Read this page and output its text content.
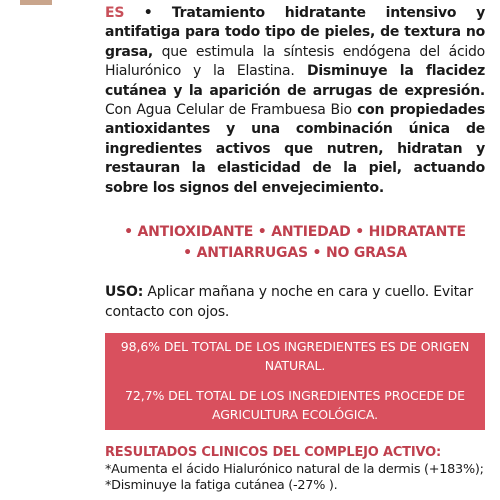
ES • Tratamiento hidratante intensivo y antifatiga para todo tipo de pieles, de textura no grasa, que estimula la síntesis endógena del ácido Hialurónico y la Elastina. Disminuye la flacidez cutánea y la aparición de arrugas de expresión. Con Agua Celular de Frambuesa Bio con propiedades antioxidantes y una combinación única de ingredientes activos que nutren, hidratan y restauran la elasticidad de la piel, actuando sobre los signos del envejecimiento.

• ANTIOXIDANTE • ANTIEDAD • HIDRATANTE
• ANTIARRUGAS • NO GRASA

USO: Aplicar mañana y noche en cara y cuello. Evitar contacto con ojos.

98,6% DEL TOTAL DE LOS INGREDIENTES ES DE ORIGEN NATURAL.

72,7% DEL TOTAL DE LOS INGREDIENTES PROCEDE DE AGRICULTURA ECOLÓGICA.

RESULTADOS CLINICOS DEL COMPLEJO ACTIVO:

*Aumenta el ácido Hialurónico natural de la dermis (+183%); *Disminuye la fatiga cutánea (-27% ).
